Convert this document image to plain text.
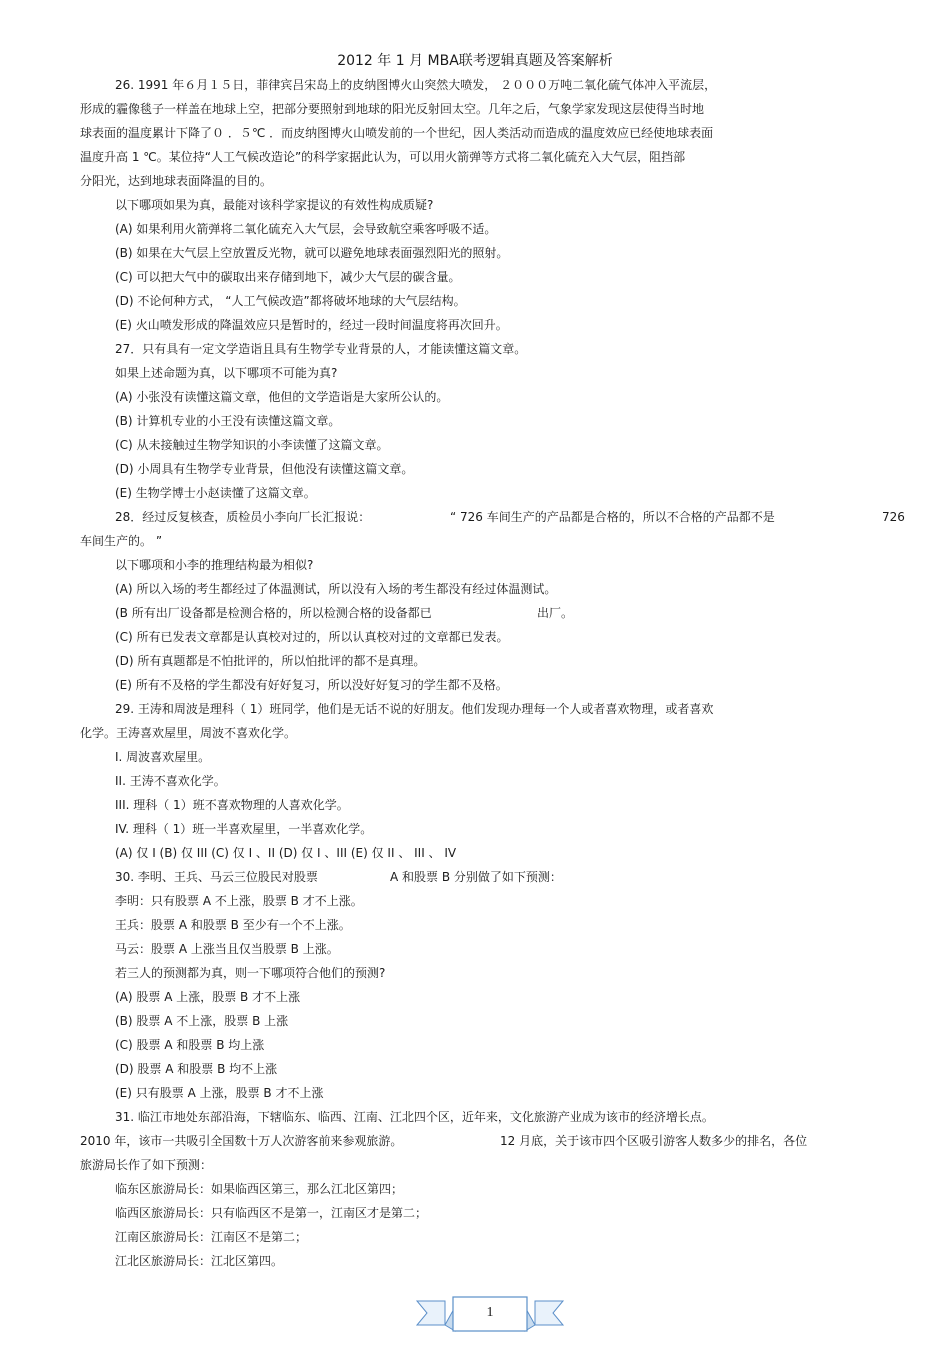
2012 年 1 月 MBA联考逻辑真题及答案解析
26. 1991 年６月１５日，菲律宾吕宋岛上的皮纳图博火山突然大喷发， ２０００万吨二氧化硫气体冲入平流层，
形成的霾像毯子一样盖在地球上空，把部分要照射到地球的阳光反射回太空。几年之后，气象学家发现这层使得当时地
球表面的温度累计下降了０ ．５℃ ．而皮纳图博火山喷发前的一个世纪，因人类活动而造成的温度效应已经使地球表面
温度升高 1 ℃。某位持“人工气候改造论”的科学家据此认为，可以用火箭弹等方式将二氧化硫充入大气层，阻挡部
分阳光，达到地球表面降温的目的。
以下哪项如果为真，最能对该科学家提议的有效性构成质疑?
(A) 如果利用火箭弹将二氧化硫充入大气层，会导致航空乘客呼吸不适。
(B) 如果在大气层上空放置反光物，就可以避免地球表面强烈阳光的照射。
(C) 可以把大气中的碳取出来存储到地下，减少大气层的碳含量。
(D) 不论何种方式， “人工气候改造”都将破坏地球的大气层结构。
(E) 火山喷发形成的降温效应只是暂时的，经过一段时间温度将再次回升。
27．只有具有一定文学造诣且具有生物学专业背景的人，才能读懂这篇文章。
如果上述命题为真，以下哪项不可能为真?
(A) 小张没有读懂这篇文章，他但的文学造诣是大家所公认的。
(B) 计算机专业的小王没有读懂这篇文章。
(C) 从未接触过生物学知识的小李读懂了这篇文章。
(D) 小周具有生物学专业背景，但他没有读懂这篇文章。
(E) 生物学博士小赵读懂了这篇文章。
28．经过反复核查，质检员小李向厂长汇报说：	“ 726 车间生产的产品都是合格的，所以不合格的产品都不是	726
车间生产的。 ”
以下哪项和小李的推理结构最为相似?
(A) 所以入场的考生都经过了体温测试，所以没有入场的考生都没有经过体温测试。
(B 所有出厂设备都是检测合格的，所以检测合格的设备都已	出厂。
(C) 所有已发表文章都是认真校对过的，所以认真校对过的文章都已发表。
(D) 所有真题都是不怕批评的，所以怕批评的都不是真理。
(E) 所有不及格的学生都没有好好复习，所以没好好复习的学生都不及格。
29. 王涛和周波是理科（ 1）班同学，他们是无话不说的好朋友。他们发现办理每一个人或者喜欢物理，或者喜欢
化学。王涛喜欢屋里，周波不喜欢化学。
I. 周波喜欢屋里。
II. 王涛不喜欢化学。
III. 理科（ 1）班不喜欢物理的人喜欢化学。
IV. 理科（ 1）班一半喜欢屋里，一半喜欢化学。
(A) 仅 I (B) 仅 III (C) 仅 I 、II (D) 仅 I 、III (E) 仅 II 、 III 、 IV
30. 李明、王兵、马云三位股民对股票	A 和股票 B 分别做了如下预测：
李明：只有股票 A 不上涨，股票 B 才不上涨。
王兵：股票 A 和股票 B 至少有一个不上涨。
马云：股票 A 上涨当且仅当股票 B 上涨。
若三人的预测都为真，则一下哪项符合他们的预测?
(A) 股票 A 上涨，股票 B 才不上涨
(B) 股票 A 不上涨，股票 B 上涨
(C) 股票 A 和股票 B 均上涨
(D) 股票 A 和股票 B 均不上涨
(E) 只有股票 A 上涨，股票 B 才不上涨
31. 临江市地处东部沿海，下辖临东、临西、江南、江北四个区，近年来，文化旅游产业成为该市的经济增长点。
2010 年，该市一共吸引全国数十万人次游客前来参观旅游。	12 月底，关于该市四个区吸引游客人数多少的排名，各位
旅游局长作了如下预测：
临东区旅游局长：如果临西区第三，那么江北区第四；
临西区旅游局长：只有临西区不是第一，江南区才是第二；
江南区旅游局长：江南区不是第二；
江北区旅游局长：江北区第四。
1
